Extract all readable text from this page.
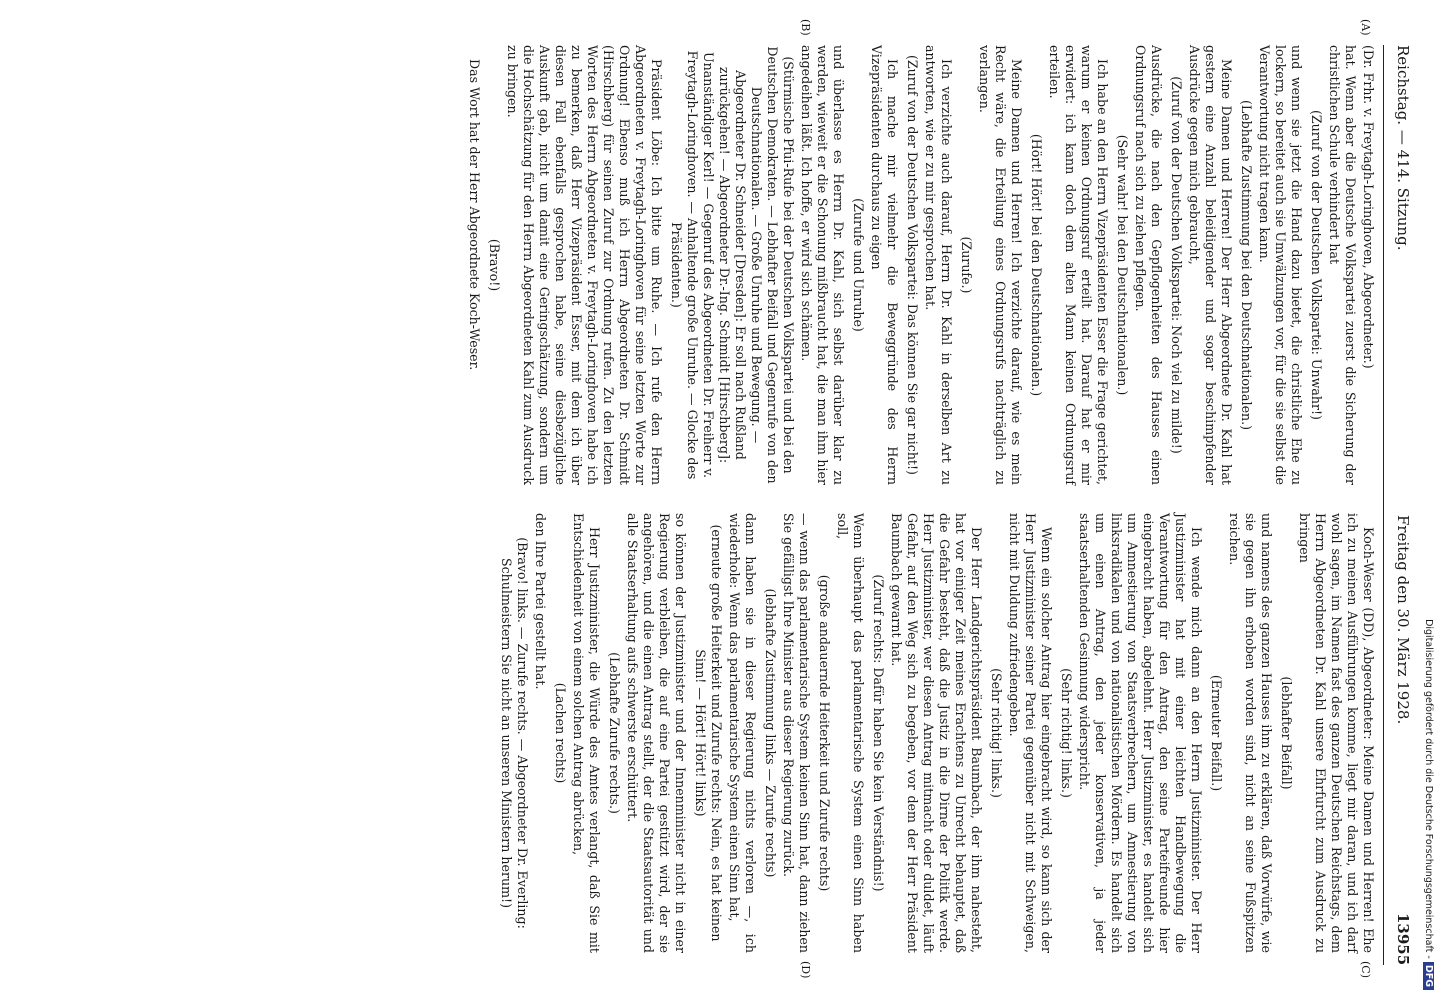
Reichstag. — 414. Sitzung.
Freitag den 30. März 1928.
13955
(A)
(B)
(C)
(D)

(Dr. Frhr. v. Freytagh-Loringhoven, Abgeordneter.)

hat. Wenn aber die Deutsche Volkspartei zuerst die Sicherung der christlichen Schule verhindert hat

(Zuruf von der Deutschen Volkspartei: Unwahr!)

und wenn sie jetzt die Hand dazu bietet, die christliche Ehe zu lockern, so bereitet auch sie Umwälzungen vor, für die sie selbst die Verantwortung nicht tragen kann.

(Lebhafte Zustimmung bei den Deutschnationalen.)

Meine Damen und Herren! Der Herr Abgeordnete Dr. Kahl hat gestern eine Anzahl beleidigender und sogar beschimpfender Ausdrücke gegen mich gebraucht,

(Zuruf von der Deutschen Volkspartei: Noch viel zu milde!)

Ausdrücke, die nach den Gepflogenheiten des Hauses einen Ordnungsruf nach sich zu ziehen pflegen.

(Sehr wahr! bei den Deutschnationalen.)

Ich habe an den Herrn Vizepräsidenten Esser die Frage gerichtet, warum er keinen Ordnungsruf erteilt hat. Darauf hat er mir erwidert: ich kann doch dem alten Mann keinen Ordnungsruf erteilen.

(Hört! Hört! bei den Deutschnationalen.)

Meine Damen und Herren! Ich verzichte darauf, wie es mein Recht wäre, die Erteilung eines Ordnungsrufs nachträglich zu verlangen.

(Zurufe.)

Ich verzichte auch darauf, Herrn Dr. Kahl in derselben Art zu antworten, wie er zu mir gesprochen hat.

(Zuruf von der Deutschen Volkspartei: Das können Sie gar nicht!)

Ich mache mir vielmehr die Beweggründe des Herrn Vizepräsidenten durchaus zu eigen

(Zurufe und Unruhe)

und überlasse es Herrn Dr. Kahl, sich selbst darüber klar zu werden, wieweit er die Schonung mißbraucht hat, die man ihm hier angedeihen läßt. Ich hoffe, er wird sich schämen.

(Stürmische Pfui-Rufe bei der Deutschen Volkspartei und bei den Deutschen Demokraten. — Lebhafter Beifall und Gegenrufe von den Deutschnationalen. — Große Unruhe und Bewegung. — Abgeordneter Dr. Schneider [Dresden]: Er soll nach Rußland zurückgehen! — Abgeordneter Dr.-Ing. Schmidt [Hirschberg]: Unanständiger Kerl! — Gegenruf des Abgeordneten Dr. Freiherr v. Freytagh-Loringhoven. — Anhaltende große Unruhe. — Glocke des Präsidenten.)

Präsident Löbe: Ich bitte um Ruhe. — Ich rufe den Herrn Abgeordneten v. Freytagh-Loringhoven für seine letzten Worte zur Ordnung! Ebenso muß ich Herrn Abgeordneten Dr. Schmidt (Hirschberg) für seinen Zuruf zur Ordnung rufen. Zu den letzten Worten des Herrn Abgeordneten v. Freytagh-Loringhoven habe ich zu bemerken, daß Herr Vizepräsident Esser, mit dem ich über diesen Fall ebenfalls gesprochen habe, seine diesbezügliche Auskunft gab, nicht um damit eine Geringschätzung, sondern um die Hochschätzung für den Herrn Abgeordneten Kahl zum Ausdruck zu bringen.

(Bravo!)

Das Wort hat der Herr Abgeordnete Koch-Weser.

Koch-Weser (DD), Abgeordneter: Meine Damen und Herren! Ehe ich zu meinen Ausführungen komme, liegt mir daran, und ich darf wohl sagen, im Namen fast des ganzen Deutschen Reichstags, dem Herrn Abgeordneten Dr. Kahl unsere Ehrfurcht zum Ausdruck zu bringen

(lebhafter Beifall)

und namens des ganzen Hauses ihm zu erklären, daß Vorwürfe, wie sie gegen ihn erhoben worden sind, nicht an seine Fußspitzen reichen.

(Erneuter Beifall.)

Ich wende mich dann an den Herrn Justizminister. Der Herr Justizminister hat mit einer leichten Handbewegung die Verantwortung für den Antrag, den seine Parteifreunde hier eingebracht haben, abgelehnt. Herr Justizminister, es handelt sich um Amnestierung von Staatsverbrechern, um Amnestierung von linksradikalen und von nationalistischen Mördern. Es handelt sich um einen Antrag, den jeder konservativen, ja jeder staatserhaltenden Gesinnung widerspricht.

(Sehr richtig! links.)

Wenn ein solcher Antrag hier eingebracht wird, so kann sich der Herr Justizminister seiner Partei gegenüber nicht mit Schweigen, nicht mit Duldung zufriedengeben.

(Sehr richtig! links.)

Der Herr Landgerichtspräsident Baumbach, der ihm nahesteht, hat vor einiger Zeit meines Erachtens zu Unrecht behauptet, daß die Gefahr besteht, daß die Justiz in die Dirne der Politik werde. Herr Justizminister, wer diesen Antrag mitmacht oder duldet, läuft Gefahr, auf den Weg sich zu begeben, vor dem der Herr Präsident Baumbach gewarnt hat.

(Zuruf rechts: Dafür haben Sie kein Verständnis!)

Wenn überhaupt das parlamentarische System einen Sinn haben soll,

(große andauernde Heiterkeit und Zurufe rechts)

— wenn das parlamentarische System keinen Sinn hat, dann ziehen Sie gefälligst Ihre Minister aus dieser Regierung zurück.

(lebhafte Zustimmung links — Zurufe rechts)

dann haben sie in dieser Regierung nichts verloren —, ich wiederhole: Wenn das parlamentarische System einen Sinn hat,

(erneute große Heiterkeit und Zurufe rechts: Nein, es hat keinen Sinn! — Hört! Hört! links)

so können der Justizminister und der Innenminister nicht in einer Regierung verbleiben, die auf eine Partei gestützt wird, der sie angehören, und die einen Antrag stellt, der die Staatsautorität und alle Staatserhaltung aufs schwerste erschüttert.

(Lebhafte Zurufe rechts.)

Herr Justizminister, die Würde des Amtes verlangt, daß Sie mit Entschiedenheit von einem solchen Antrag abrücken,

(Lachen rechts)

den Ihre Partei gestellt hat.

(Bravo! links. — Zurufe rechts. — Abgeordneter Dr. Everling: Schulmeistern Sie nicht an unseren Ministern herum!)	Digitalisierung gefördert durch die Deutsche Forschungsgemeinschaft -DFG
